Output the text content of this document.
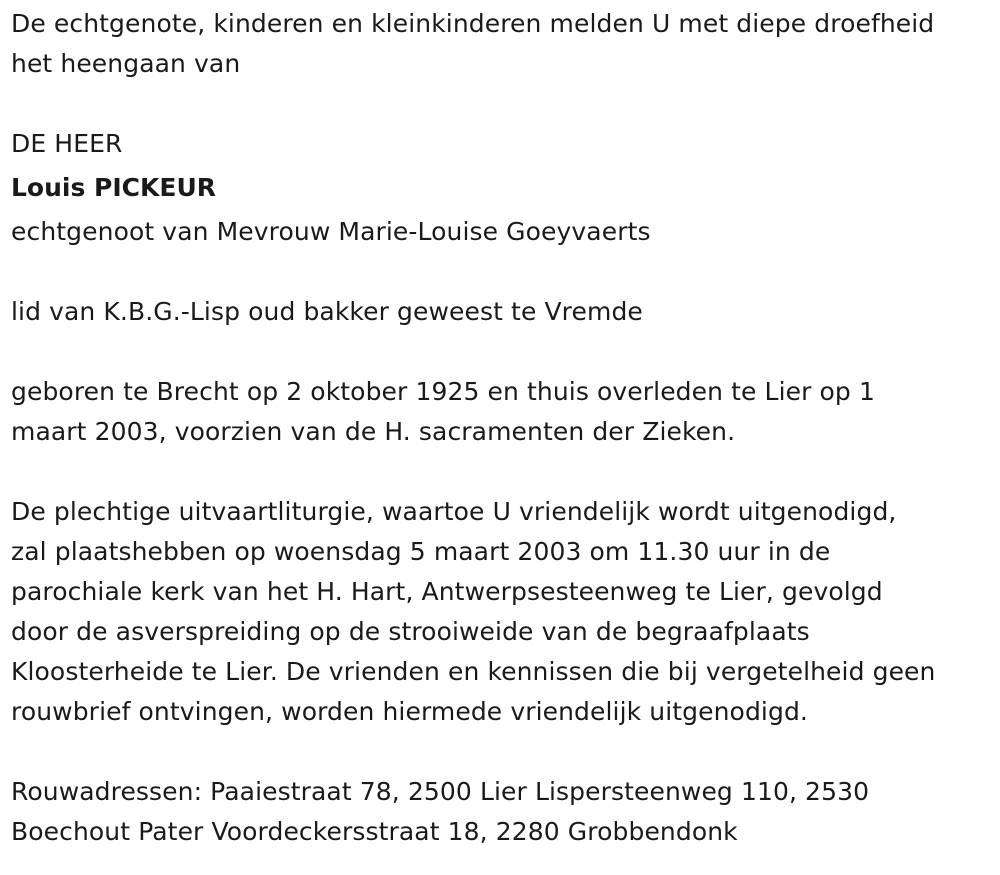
De echtgenote, kinderen en kleinkinderen melden U met diepe droefheid
het heengaan van
DE HEER
Louis PICKEUR
echtgenoot van Mevrouw Marie-Louise Goeyvaerts
lid van K.B.G.-Lisp oud bakker geweest te Vremde
geboren te Brecht op 2 oktober 1925 en thuis overleden te Lier op 1
maart 2003, voorzien van de H. sacramenten der Zieken.
De plechtige uitvaartliturgie, waartoe U vriendelijk wordt uitgenodigd,
zal plaatshebben op woensdag 5 maart 2003 om 11.30 uur in de
parochiale kerk van het H. Hart, Antwerpsesteenweg te Lier, gevolgd
door de asverspreiding op de strooiweide van de begraafplaats
Kloosterheide te Lier. De vrienden en kennissen die bij vergetelheid geen
rouwbrief ontvingen, worden hiermede vriendelijk uitgenodigd.
Rouwadressen: Paaiestraat 78, 2500 Lier Lispersteenweg 110, 2530
Boechout Pater Voordeckersstraat 18, 2280 Grobbendonk
